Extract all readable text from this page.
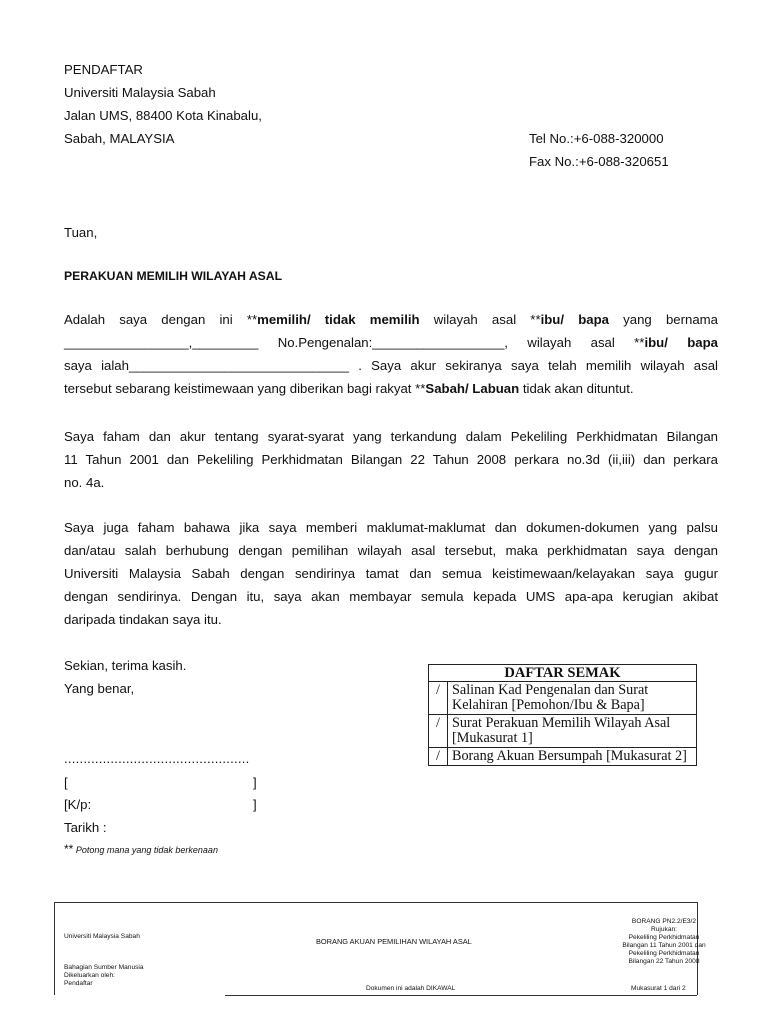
PENDAFTAR
Universiti Malaysia Sabah
Jalan UMS, 88400 Kota Kinabalu,
Sabah, MALAYSIA	Tel No.:+6-088-320000
Fax No.:+6-088-320651
Tuan,
PERAKUAN MEMILIH WILAYAH ASAL
Adalah saya dengan ini **memilih/ tidak memilih wilayah asal **ibu/ bapa yang bernama
_________________,_________ No.Pengenalan:__________________, wilayah asal **ibu/ bapa
saya ialah______________________________ . Saya akur sekiranya saya telah memilih wilayah asal
tersebut sebarang keistimewaan yang diberikan bagi rakyat **Sabah/ Labuan tidak akan dituntut.
Saya faham dan akur tentang syarat-syarat yang terkandung dalam Pekeliling Perkhidmatan Bilangan
11 Tahun 2001 dan Pekeliling Perkhidmatan Bilangan 22 Tahun 2008 perkara no.3d (ii,iii) dan perkara
no. 4a.
Saya juga faham bahawa jika saya memberi maklumat-maklumat dan dokumen-dokumen yang palsu
dan/atau salah berhubung dengan pemilihan wilayah asal tersebut, maka perkhidmatan saya dengan
Universiti Malaysia Sabah dengan sendirinya tamat dan semua keistimewaan/kelayakan saya gugur
dengan sendirinya. Dengan itu, saya akan membayar semula kepada UMS apa-apa kerugian akibat
daripada tindakan saya itu.
Sekian, terima kasih.
Yang benar,
................................................
[	]
[K/p:	]
Tarikh :
** Potong mana yang tidak berkenaan
DAFTAR SEMAK	
/	Salinan Kad Pengenalan dan Surat Kelahiran [Pemohon/Ibu & Bapa]
/	Surat Perakuan Memilih Wilayah Asal [Mukasurat 1]
/	Borang Akuan Bersumpah [Mukasurat 2]
Universiti Malaysia Sabah
Bahagian Sumber Manusia
Dikeluarkan oleh:
Pendaftar
BORANG AKUAN PEMILIHAN WILAYAH ASAL
BORANG PN2.2/E3/2
Rujukan:
Pekeliling Perkhidmatan
Bilangan 11 Tahun 2001 dan
Pekeliling Perkhidmatan
Bilangan 22 Tahun 2008
Dokumen ini adalah DIKAWAL	Mukasurat 1 dari 2
